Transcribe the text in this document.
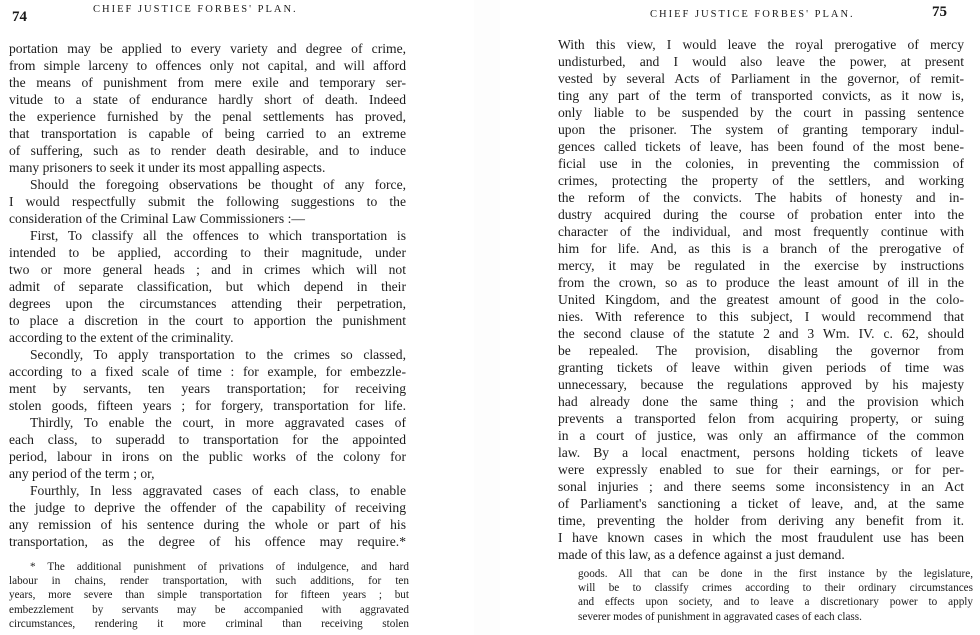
74	CHIEF JUSTICE FORBES' PLAN.
portation may be applied to every variety and degree of crime,
from simple larceny to offences only not capital, and will afford
the means of punishment from mere exile and temporary ser-
vitude to a state of endurance hardly short of death. Indeed
the experience furnished by the penal settlements has proved,
that transportation is capable of being carried to an extreme
of suffering, such as to render death desirable, and to induce
many prisoners to seek it under its most appalling aspects.
Should the foregoing observations be thought of any force,
I would respectfully submit the following suggestions to the
consideration of the Criminal Law Commissioners :—
First, To classify all the offences to which transportation is
intended to be applied, according to their magnitude, under
two or more general heads ; and in crimes which will not
admit of separate classification, but which depend in their
degrees upon the circumstances attending their perpetration,
to place a discretion in the court to apportion the punishment
according to the extent of the criminality.
Secondly, To apply transportation to the crimes so classed,
according to a fixed scale of time : for example, for embezzle-
ment by servants, ten years transportation; for receiving
stolen goods, fifteen years ; for forgery, transportation for life.
Thirdly, To enable the court, in more aggravated cases of
each class, to superadd to transportation for the appointed
period, labour in irons on the public works of the colony for
any period of the term ; or,
Fourthly, In less aggravated cases of each class, to enable
the judge to deprive the offender of the capability of receiving
any remission of his sentence during the whole or part of his
transportation, as the degree of his offence may require.*
* The additional punishment of privations of indulgence, and hard
labour in chains, render transportation, with such additions, for ten
years, more severe than simple transportation for fifteen years ; but
embezzlement by servants may be accompanied with aggravated
circumstances, rendering it more criminal than receiving stolen
CHIEF JUSTICE FORBES' PLAN.	75
With this view, I would leave the royal prerogative of mercy
undisturbed, and I would also leave the power, at present
vested by several Acts of Parliament in the governor, of remit-
ting any part of the term of transported convicts, as it now is,
only liable to be suspended by the court in passing sentence
upon the prisoner. The system of granting temporary indul-
gences called tickets of leave, has been found of the most bene-
ficial use in the colonies, in preventing the commission of
crimes, protecting the property of the settlers, and working
the reform of the convicts. The habits of honesty and in-
dustry acquired during the course of probation enter into the
character of the individual, and most frequently continue with
him for life. And, as this is a branch of the prerogative of
mercy, it may be regulated in the exercise by instructions
from the crown, so as to produce the least amount of ill in the
United Kingdom, and the greatest amount of good in the colo-
nies. With reference to this subject, I would recommend that
the second clause of the statute 2 and 3 Wm. IV. c. 62, should
be repealed. The provision, disabling the governor from
granting tickets of leave within given periods of time was
unnecessary, because the regulations approved by his majesty
had already done the same thing ; and the provision which
prevents a transported felon from acquiring property, or suing
in a court of justice, was only an affirmance of the common
law. By a local enactment, persons holding tickets of leave
were expressly enabled to sue for their earnings, or for per-
sonal injuries ; and there seems some inconsistency in an Act
of Parliament's sanctioning a ticket of leave, and, at the same
time, preventing the holder from deriving any benefit from it.
I have known cases in which the most fraudulent use has been
made of this law, as a defence against a just demand.
goods. All that can be done in the first instance by the legislature,
will be to classify crimes according to their ordinary circumstances
and effects upon society, and to leave a discretionary power to apply
severer modes of punishment in aggravated cases of each class.
